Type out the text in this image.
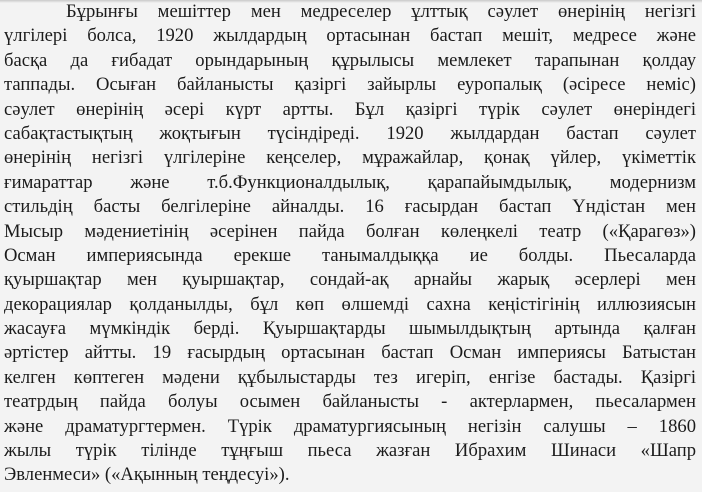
Бұрынғы мешіттер мен медреселер ұлттық сәулет өнерінің негізгі
үлгілері болса, 1920 жылдардың ортасынан бастап мешіт, медресе және
басқа да ғибадат орындарының құрылысы мемлекет тарапынан қолдау
таппады. Осыған байланысты қазіргі зайырлы еуропалық (әсіресе неміс)
сәулет өнерінің әсері күрт артты. Бұл қазіргі түрік сәулет өнеріндегі
сабақтастықтың жоқтығын түсіндіреді. 1920 жылдардан бастап сәулет
өнерінің негізгі үлгілеріне кеңселер, мұражайлар, қонақ үйлер, үкіметтік
ғимараттар және т.б.Функционалдылық, қарапайымдылық, модернизм
стильдің басты белгілеріне айналды. 16 ғасырдан бастап Үндістан мен
Мысыр мәдениетінің әсерінен пайда болған көлеңкелі театр («Қарагөз»)
Осман империясында ерекше танымалдыққа ие болды. Пьесаларда
қуыршақтар мен қуыршақтар, сондай-ақ арнайы жарық әсерлері мен
декорациялар қолданылды, бұл көп өлшемді сахна кеңістігінің иллюзиясын
жасауға мүмкіндік берді. Қуыршақтарды шымылдықтың артында қалған
әртістер айтты. 19 ғасырдың ортасынан бастап Осман империясы Батыстан
келген көптеген мәдени құбылыстарды тез игеріп, енгізе бастады. Қазіргі
театрдың пайда болуы осымен байланысты - актерлармен, пьесалармен
және драматургтермен. Түрік драматургиясының негізін салушы – 1860
жылы түрік тілінде тұңғыш пьеса жазған Ибрахим Шинаси «Шапр
Эвленмеси» («Ақынның теңдесуі»).
